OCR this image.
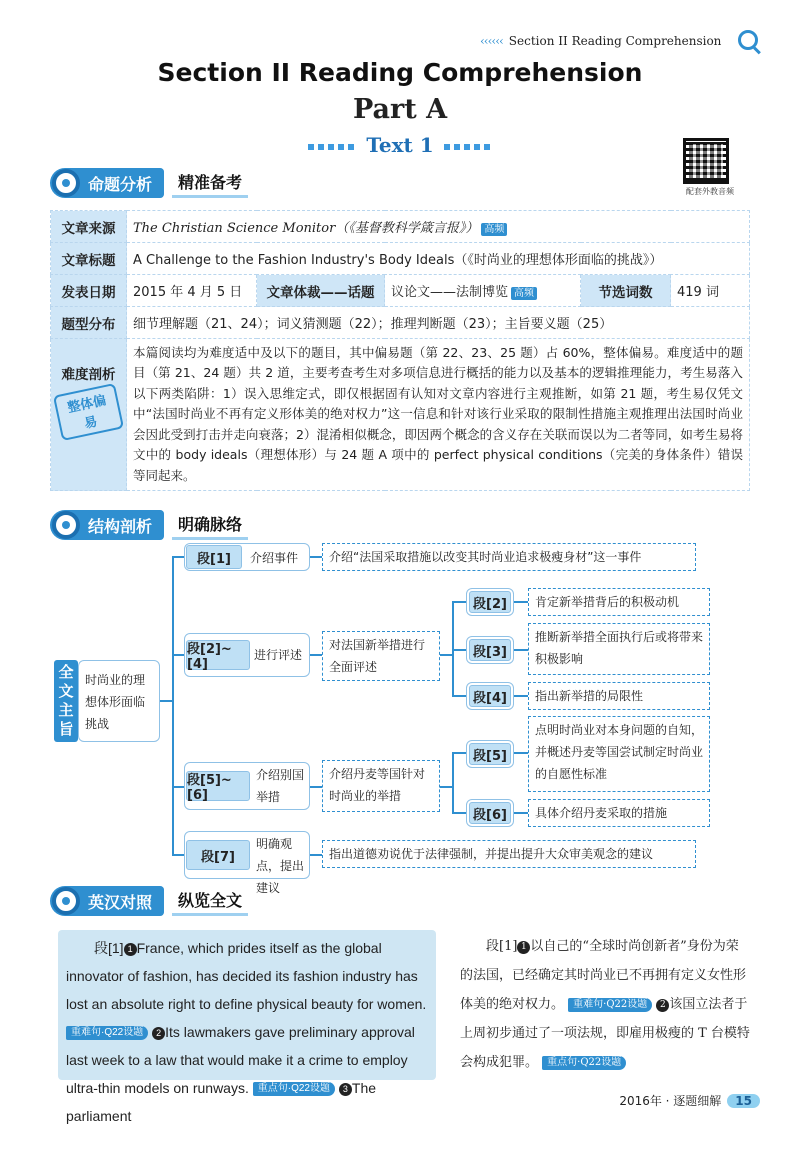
‹‹‹‹‹‹ Section II Reading Comprehension
Section II Reading Comprehension
Part A
Text 1
配套外教音频
命题分析	精准备考
文章来源	The Christian Science Monitor（《基督教科学箴言报》） 高频				
文章标题	A Challenge to the Fashion Industry's Body Ideals（《时尚业的理想体形面临的挑战》）				
发表日期	2015 年 4 月 5 日	文章体裁——话题	议论文——法制博览 高频	节选词数	419 词
题型分布	细节理解题（21、24）；词义猜测题（22）；推理判断题（23）；主旨要义题（25）				

难度剖析
整体偏易	本篇阅读均为难度适中及以下的题目，其中偏易题（第 22、23、25 题）占 60%，整体偏易。难度适中的题目（第 21、24 题）共 2 道，主要考查考生对多项信息进行概括的能力以及基本的逻辑推理能力，考生易落入以下两类陷阱：1）误入思维定式，即仅根据固有认知对文章内容进行主观推断，如第 21 题，考生易仅凭文中“法国时尚业不再有定义形体美的绝对权力”这一信息和针对该行业采取的限制性措施主观推理出法国时尚业会因此受到打击并走向衰落；2）混淆相似概念，即因两个概念的含义存在关联而误以为二者等同，如考生易将文中的 body ideals（理想体形）与 24 题 A 项中的 perfect physical conditions（完美的身体条件）错误等同起来。				
结构剖析	明确脉络
全文主旨
时尚业的理想体形面临挑战
段[1]	介绍事件	介绍“法国采取措施以改变其时尚业追求极瘦身材”这一事件
段[2]~[4]
进行评述
对法国新举措进行全面评述
段[2]	肯定新举措背后的积极动机
段[3]
推断新举措全面执行后或将带来积极影响
段[4]	指出新举措的局限性
段[5]~[6]
介绍别国举措
介绍丹麦等国针对时尚业的举措
段[5]
点明时尚业对本身问题的自知，并概述丹麦等国尝试制定时尚业的自愿性标准
段[6]	具体介绍丹麦采取的措施
段[7]
明确观点，提出建议
指出道德劝说优于法律强制，并提出提升大众审美观念的建议
英汉对照	纵览全文
段[1] 1 France, which prides itself as the global innovator of fashion, has decided its fashion industry has lost an absolute right to define physical beauty for women. 重难句·Q22设题 2 Its lawmakers gave preliminary approval last week to a law that would make it a crime to employ ultra-thin models on runways. 重点句·Q22设题 3 The parliament
段[1] 1 以自己的“全球时尚创新者”身份为荣的法国，已经确定其时尚业已不再拥有定义女性形体美的绝对权力。 重难句·Q22设题 2 该国立法者于上周初步通过了一项法规，即雇用极瘦的 T 台模特会构成犯罪。 重点句·Q22设题
2016年 · 逐题细解	15
